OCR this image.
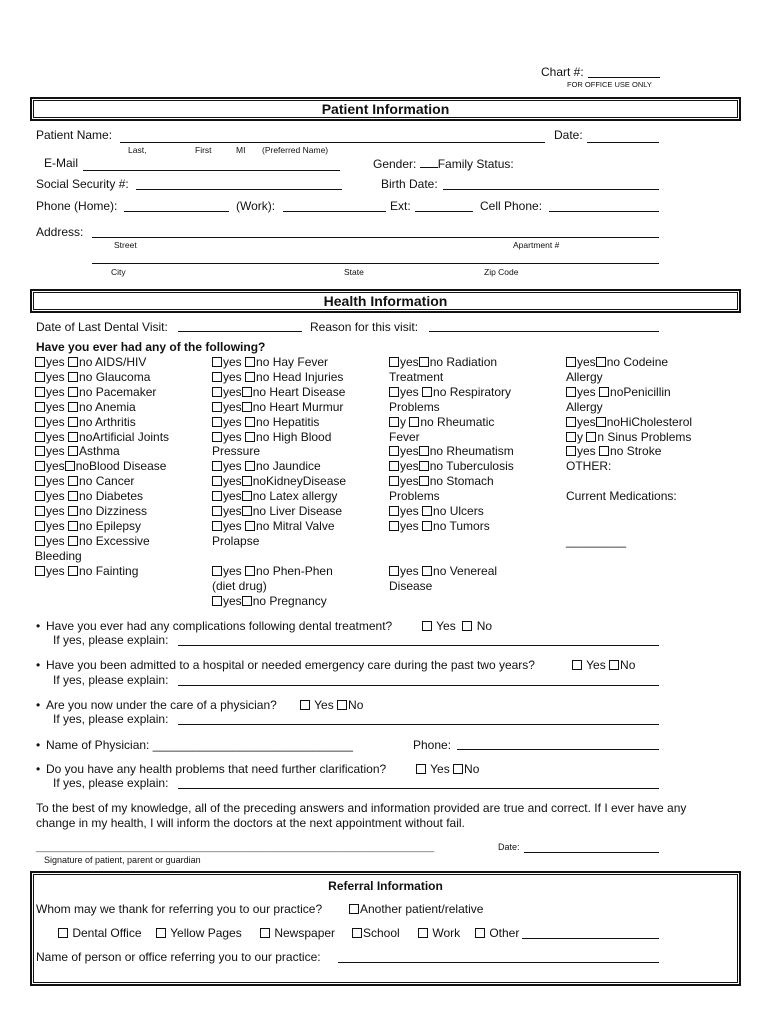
Chart #:
FOR OFFICE USE ONLY
Patient Information
Patient Name:	Date:
Last,	First	MI (Preferred Name)
E-Mail	Gender: Family Status:
Social Security #:	Birth Date:
Phone (Home):	(Work):	Ext:	Cell Phone:
Address:
Street	Apartment #
City	State	Zip Code
Health Information
Date of Last Dental Visit:	Reason for this visit:
Have you ever had any of the following?
yes no AIDS/HIV
yes no Glaucoma
yes no Pacemaker
yes no Anemia
yes no Arthritis
yes noArtificial Joints
yes Asthma
yes noBlood Disease
yes no Cancer
yes no Diabetes
yes no Dizziness
yes no Epilepsy
yes no Excessive
Bleeding
yes no Fainting
yes no Hay Fever
yes no Head Injuries
yes no Heart Disease
yes no Heart Murmur
yes no Hepatitis
yes no High Blood
Pressure
yes no Jaundice
yes noKidneyDisease
yes no Latex allergy
yes no Liver Disease
yes no Mitral Valve
Prolapse

yes no Phen-Phen
(diet drug)
yes no Pregnancy
yes no Radiation
Treatment
yes no Respiratory
Problems
y no Rheumatic
Fever
yes no Rheumatism
yes no Tuberculosis
yes no Stomach
Problems
yes no Ulcers
yes no Tumors

yes no Venereal
Disease
yes no Codeine
Allergy
yes noPenicillin
Allergy
yes noHiCholesterol
y n Sinus Problems
yes no Stroke
OTHER:

Current Medications:

_________
• Have you ever had any complications following dental treatment?	Yes No
If yes, please explain:
• Have you been admitted to a hospital or needed emergency care during the past two years?	Yes No
If yes, please explain:
• Are you now under the care of a physician?	Yes No
If yes, please explain:
• Name of Physician: ______________________________	Phone:
• Do you have any health problems that need further clarification?	Yes No
If yes, please explain:
To the best of my knowledge, all of the preceding answers and information provided are true and correct. If I ever have any
change in my health, I will inform the doctors at the next appointment without fail.
______________________________________________________________________________	Date:
Signature of patient, parent or guardian
Referral Information
Whom may we thank for referring you to our practice?	Another patient/relative
Dental Office	Yellow Pages	Newspaper	School	Work	Other
Name of person or office referring you to our practice:
